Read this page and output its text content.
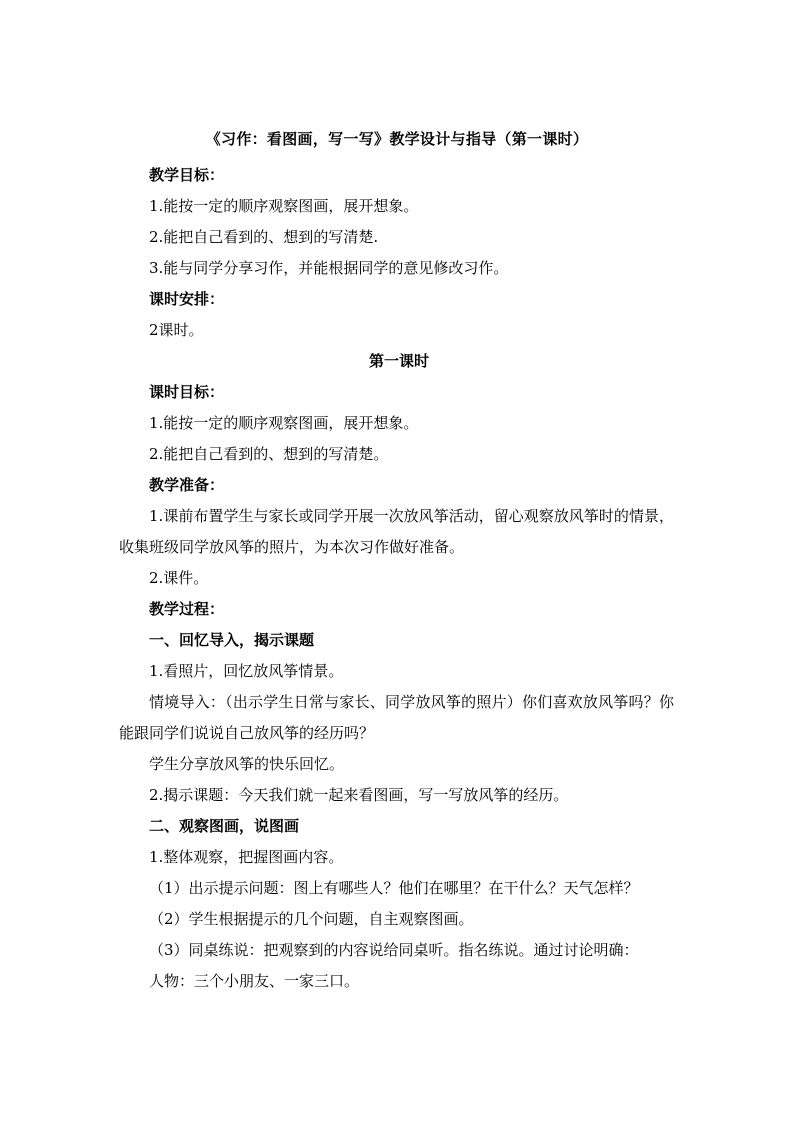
《习作：看图画，写一写》教学设计与指导（第一课时）
教学目标：
1.能按一定的顺序观察图画，展开想象。
2.能把自己看到的、想到的写清楚.
3.能与同学分享习作，并能根据同学的意见修改习作。
课时安排：
2课时。
第一课时
课时目标：
1.能按一定的顺序观察图画，展开想象。
2.能把自己看到的、想到的写清楚。
教学准备：
1.课前布置学生与家长或同学开展一次放风筝活动，留心观察放风筝时的情景，收集班级同学放风筝的照片，为本次习作做好准备。
2.课件。
教学过程：
一、回忆导入，揭示课题
1.看照片，回忆放风筝情景。
情境导入：（出示学生日常与家长、同学放风筝的照片）你们喜欢放风筝吗？你能跟同学们说说自己放风筝的经历吗？
学生分享放风筝的快乐回忆。
2.揭示课题：今天我们就一起来看图画，写一写放风筝的经历。
二、观察图画，说图画
1.整体观察，把握图画内容。
（1）出示提示问题：图上有哪些人？他们在哪里？在干什么？天气怎样？
（2）学生根据提示的几个问题，自主观察图画。
（3）同桌练说：把观察到的内容说给同桌听。指名练说。通过讨论明确：
人物：三个小朋友、一家三口。
